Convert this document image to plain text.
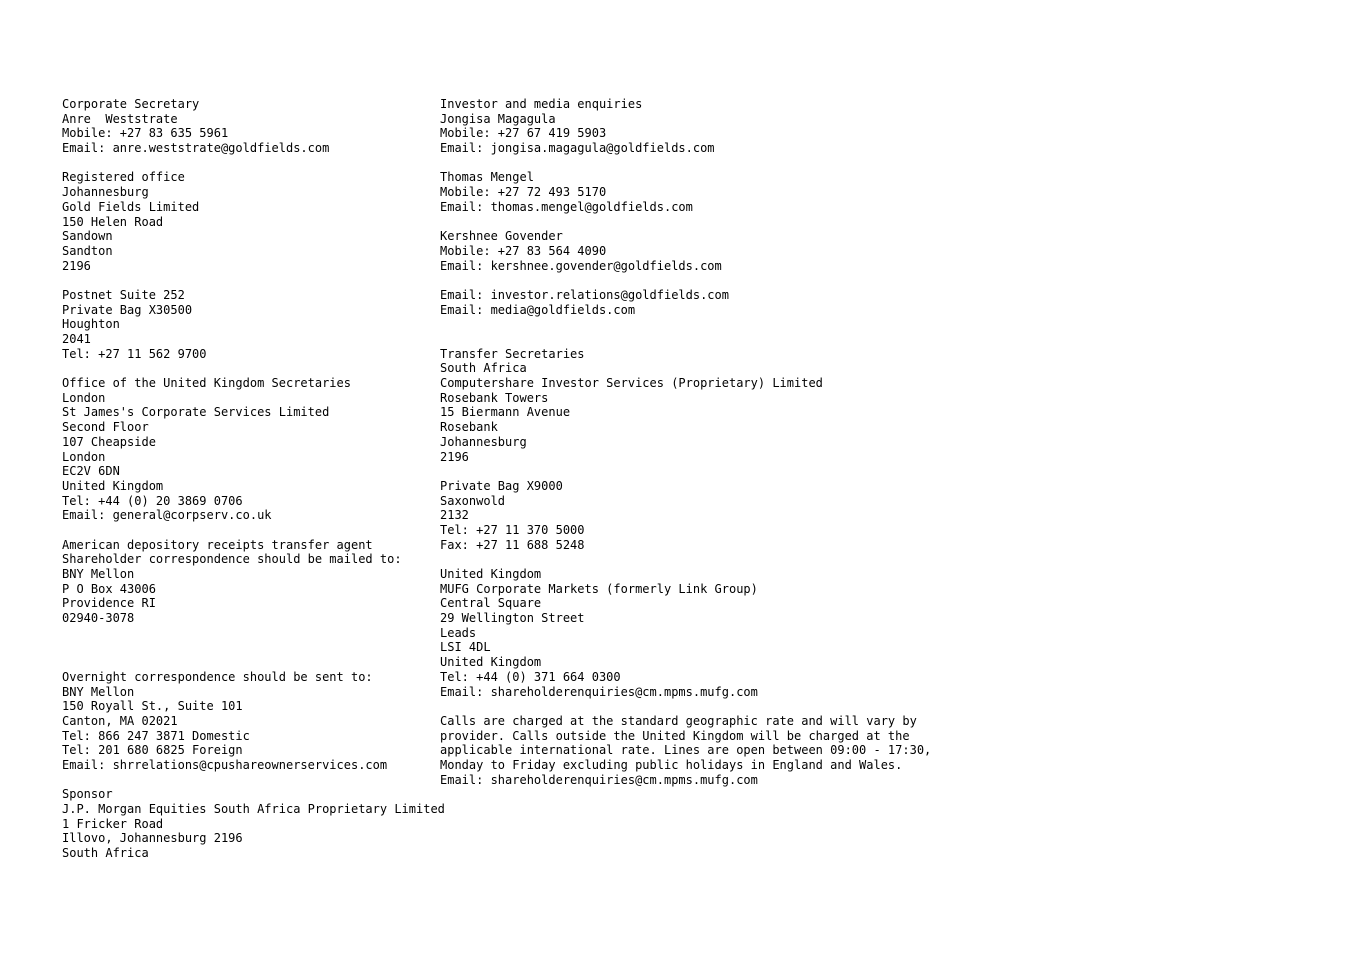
Corporate Secretary
Anre  Weststrate
Mobile: +27 83 635 5961
Email: anre.weststrate@goldfields.com
Registered office
Johannesburg
Gold Fields Limited
150 Helen Road
Sandown
Sandton
2196
Postnet Suite 252
Private Bag X30500
Houghton
2041
Tel: +27 11 562 9700
Office of the United Kingdom Secretaries
London
St James's Corporate Services Limited
Second Floor
107 Cheapside
London
EC2V 6DN
United Kingdom
Tel: +44 (0) 20 3869 0706
Email: general@corpserv.co.uk
American depository receipts transfer agent
Shareholder correspondence should be mailed to:
BNY Mellon
P O Box 43006
Providence RI
02940-3078
Overnight correspondence should be sent to:
BNY Mellon
150 Royall St., Suite 101
Canton, MA 02021
Tel: 866 247 3871 Domestic
Tel: 201 680 6825 Foreign
Email: shrrelations@cpushareownerservices.com
Sponsor
J.P. Morgan Equities South Africa Proprietary Limited
1 Fricker Road
Illovo, Johannesburg 2196
South Africa
Investor and media enquiries
Jongisa Magagula
Mobile: +27 67 419 5903
Email: jongisa.magagula@goldfields.com
Thomas Mengel
Mobile: +27 72 493 5170
Email: thomas.mengel@goldfields.com
Kershnee Govender
Mobile: +27 83 564 4090
Email: kershnee.govender@goldfields.com
Email: investor.relations@goldfields.com
Email: media@goldfields.com
Transfer Secretaries
South Africa
Computershare Investor Services (Proprietary) Limited
Rosebank Towers
15 Biermann Avenue
Rosebank
Johannesburg
2196
Private Bag X9000
Saxonwold
2132
Tel: +27 11 370 5000
Fax: +27 11 688 5248
United Kingdom
MUFG Corporate Markets (formerly Link Group)
Central Square
29 Wellington Street
Leads
LSI 4DL
United Kingdom
Tel: +44 (0) 371 664 0300
Email: shareholderenquiries@cm.mpms.mufg.com
Calls are charged at the standard geographic rate and will vary by
provider. Calls outside the United Kingdom will be charged at the
applicable international rate. Lines are open between 09:00 - 17:30,
Monday to Friday excluding public holidays in England and Wales.
Email: shareholderenquiries@cm.mpms.mufg.com
